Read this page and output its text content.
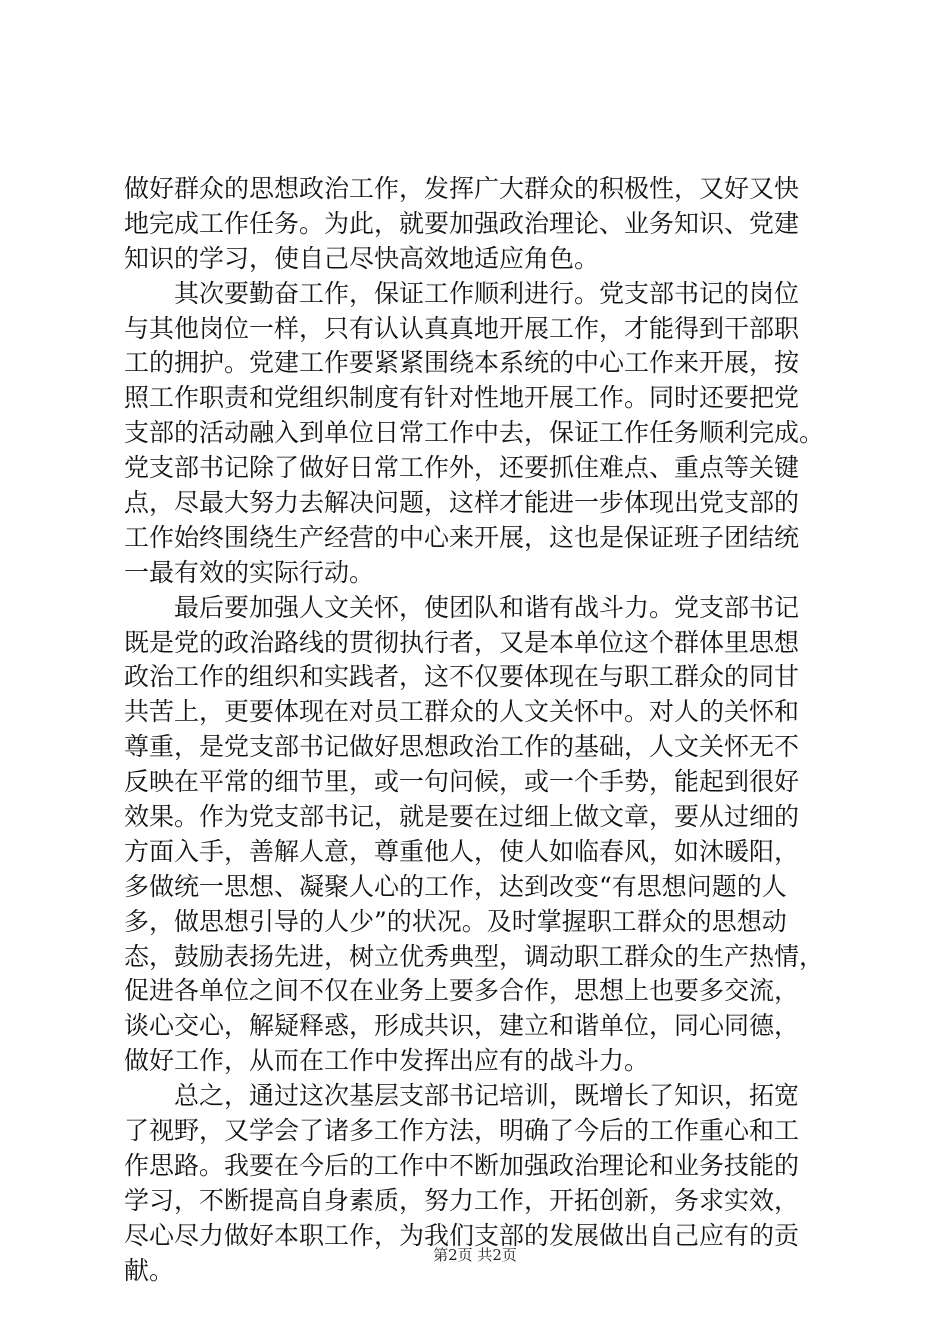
做好群众的思想政治工作，发挥广大群众的积极性，又好又快
地完成工作任务。为此，就要加强政治理论、业务知识、党建
知识的学习，使自己尽快高效地适应角色。
　　其次要勤奋工作，保证工作顺利进行。党支部书记的岗位
与其他岗位一样，只有认认真真地开展工作，才能得到干部职
工的拥护。党建工作要紧紧围绕本系统的中心工作来开展，按
照工作职责和党组织制度有针对性地开展工作。同时还要把党
支部的活动融入到单位日常工作中去，保证工作任务顺利完成。
党支部书记除了做好日常工作外，还要抓住难点、重点等关键
点，尽最大努力去解决问题，这样才能进一步体现出党支部的
工作始终围绕生产经营的中心来开展，这也是保证班子团结统
一最有效的实际行动。
　　最后要加强人文关怀，使团队和谐有战斗力。党支部书记
既是党的政治路线的贯彻执行者，又是本单位这个群体里思想
政治工作的组织和实践者，这不仅要体现在与职工群众的同甘
共苦上，更要体现在对员工群众的人文关怀中。对人的关怀和
尊重，是党支部书记做好思想政治工作的基础，人文关怀无不
反映在平常的细节里，或一句问候，或一个手势，能起到很好
效果。作为党支部书记，就是要在过细上做文章，要从过细的
方面入手，善解人意，尊重他人，使人如临春风，如沐暖阳，
多做统一思想、凝聚人心的工作，达到改变“有思想问题的人
多，做思想引导的人少”的状况。及时掌握职工群众的思想动
态，鼓励表扬先进，树立优秀典型，调动职工群众的生产热情，
促进各单位之间不仅在业务上要多合作，思想上也要多交流，
谈心交心，解疑释惑，形成共识，建立和谐单位，同心同德，
做好工作，从而在工作中发挥出应有的战斗力。
　　总之，通过这次基层支部书记培训，既增长了知识，拓宽
了视野，又学会了诸多工作方法，明确了今后的工作重心和工
作思路。我要在今后的工作中不断加强政治理论和业务技能的
学习，不断提高自身素质，努力工作，开拓创新，务求实效，
尽心尽力做好本职工作，为我们支部的发展做出自己应有的贡
献。
第2页 共2页
